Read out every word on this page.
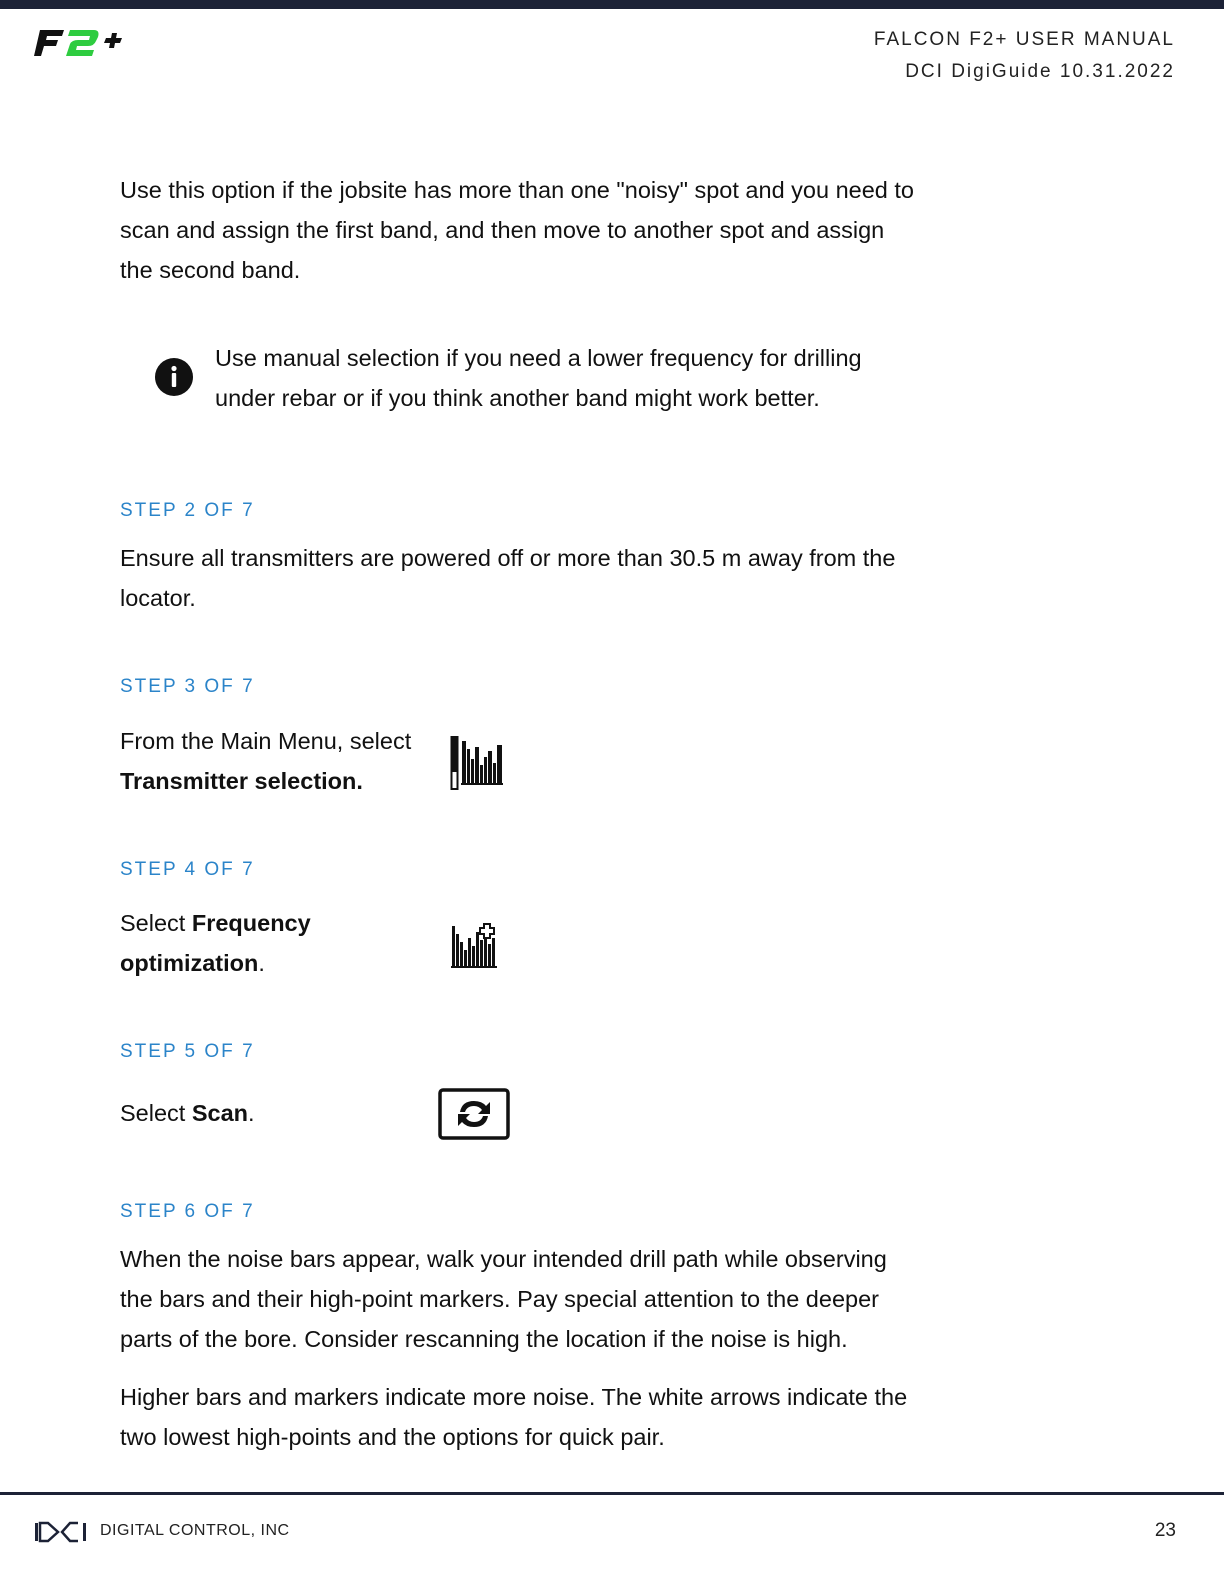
FALCON F2+ USER MANUAL
DCI DigiGuide 10.31.2022
Use this option if the jobsite has more than one "noisy" spot and you need to scan and assign the first band, and then move to another spot and assign the second band.
STEP 2 OF 7
Ensure all transmitters are powered off or more than 30.5 m away from the locator.
STEP 3 OF 7
From the Main Menu, select Transmitter selection.
STEP 4 OF 7
Select Frequency optimization.
STEP 5 OF 7
Select Scan.
STEP 6 OF 7
When the noise bars appear, walk your intended drill path while observing the bars and their high-point markers. Pay special attention to the deeper parts of the bore. Consider rescanning the location if the noise is high.
Higher bars and markers indicate more noise. The white arrows indicate the two lowest high-points and the options for quick pair.
Use manual selection if you need a lower frequency for drilling under rebar or if you think another band might work better.
DIGITAL CONTROL, INC	23
